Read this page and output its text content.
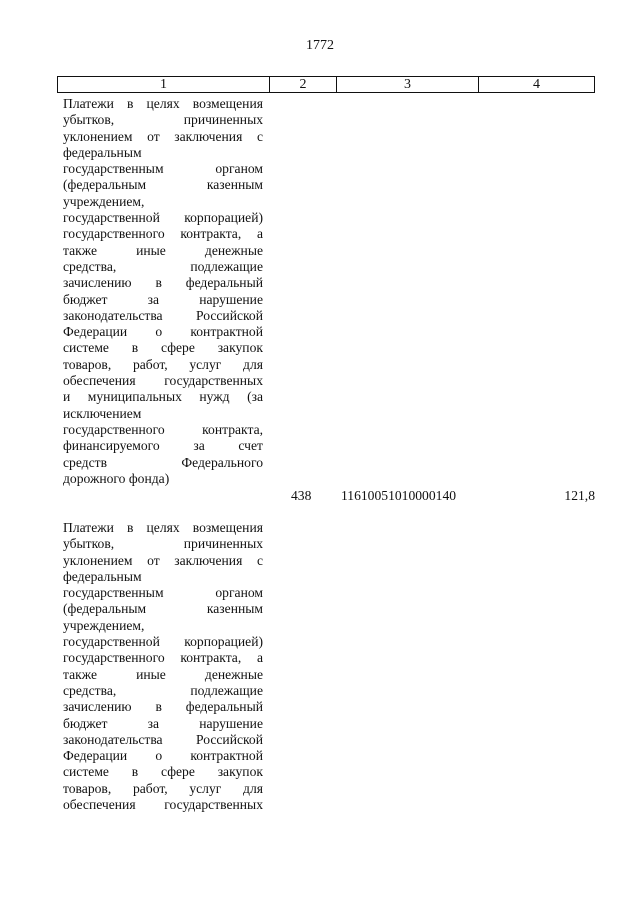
1772
1	2	3	4
Платежи в целях возмещения
убытков,	причиненных
уклонением от заключения с
федеральным
государственным	органом
(федеральным	казенным
учреждением,
государственной корпорацией)
государственного контракта, а
также	иные	денежные
средства,	подлежащие
зачислению в федеральный
бюджет	за	нарушение
законодательства Российской
Федерации о контрактной
системе в сфере закупок
товаров, работ, услуг для
обеспечения государственных
и муниципальных нужд (за
исключением
государственного	контракта,
финансируемого за счет
средств	Федерального
дорожного фонда)
438 11610051010000140	121,8
Платежи в целях возмещения
убытков,	причиненных
уклонением от заключения с
федеральным
государственным	органом
(федеральным	казенным
учреждением,
государственной корпорацией)
государственного контракта, а
также	иные	денежные
средства,	подлежащие
зачислению в федеральный
бюджет	за	нарушение
законодательства Российской
Федерации о контрактной
системе в сфере закупок
товаров, работ, услуг для
обеспечения государственных
